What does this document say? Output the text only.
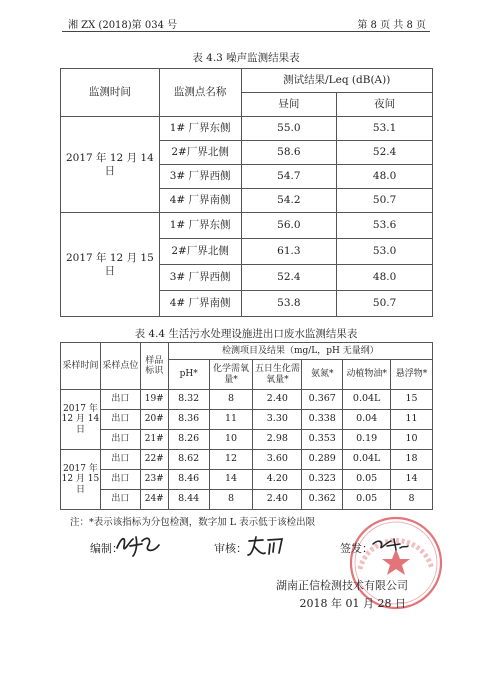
湘 ZX (2018)第 034 号	第 8 页 共 8 页
表 4.3 噪声监测结果表
监测时间	监测点名称	测试结果/Leq (dB(A))	
		昼间	夜间
2017 年 12 月 14 日	1# 厂界东侧	55.0	53.1
	2#厂界北侧	58.6	52.4
	3# 厂界西侧	54.7	48.0
	4# 厂界南侧	54.2	50.7
2017 年 12 月 15 日	1# 厂界东侧	56.0	53.6
	2#厂界北侧	61.3	53.0
	3# 厂界西侧	52.4	48.0
	4# 厂界南侧	53.8	50.7
表 4.4 生活污水处理设施进出口废水监测结果表
采样时间	采样点位	样品标识	检测项目及结果（mg/L，pH 无量纲）					
			pH*	化学需氧量*	五日生化需氧量*	氨氮*	动植物油*	悬浮物*
2017 年 12 月 14 日	出口	19#	8.32	8	2.40	0.367	0.04L	15
	出口	20#	8.36	11	3.30	0.338	0.04	11
	出口	21#	8.26	10	2.98	0.353	0.19	10
2017 年 12 月 15 日	出口	22#	8.62	12	3.60	0.289	0.04L	18
	出口	23#	8.46	14	4.20	0.323	0.05	14
	出口	24#	8.44	8	2.40	0.362	0.05	8
注：*表示该指标为分包检测，数字加 L 表示低于该检出限
编制：	审核：	签发：
湖南正信检测技术有限公司
2018 年 01 月 28 日
